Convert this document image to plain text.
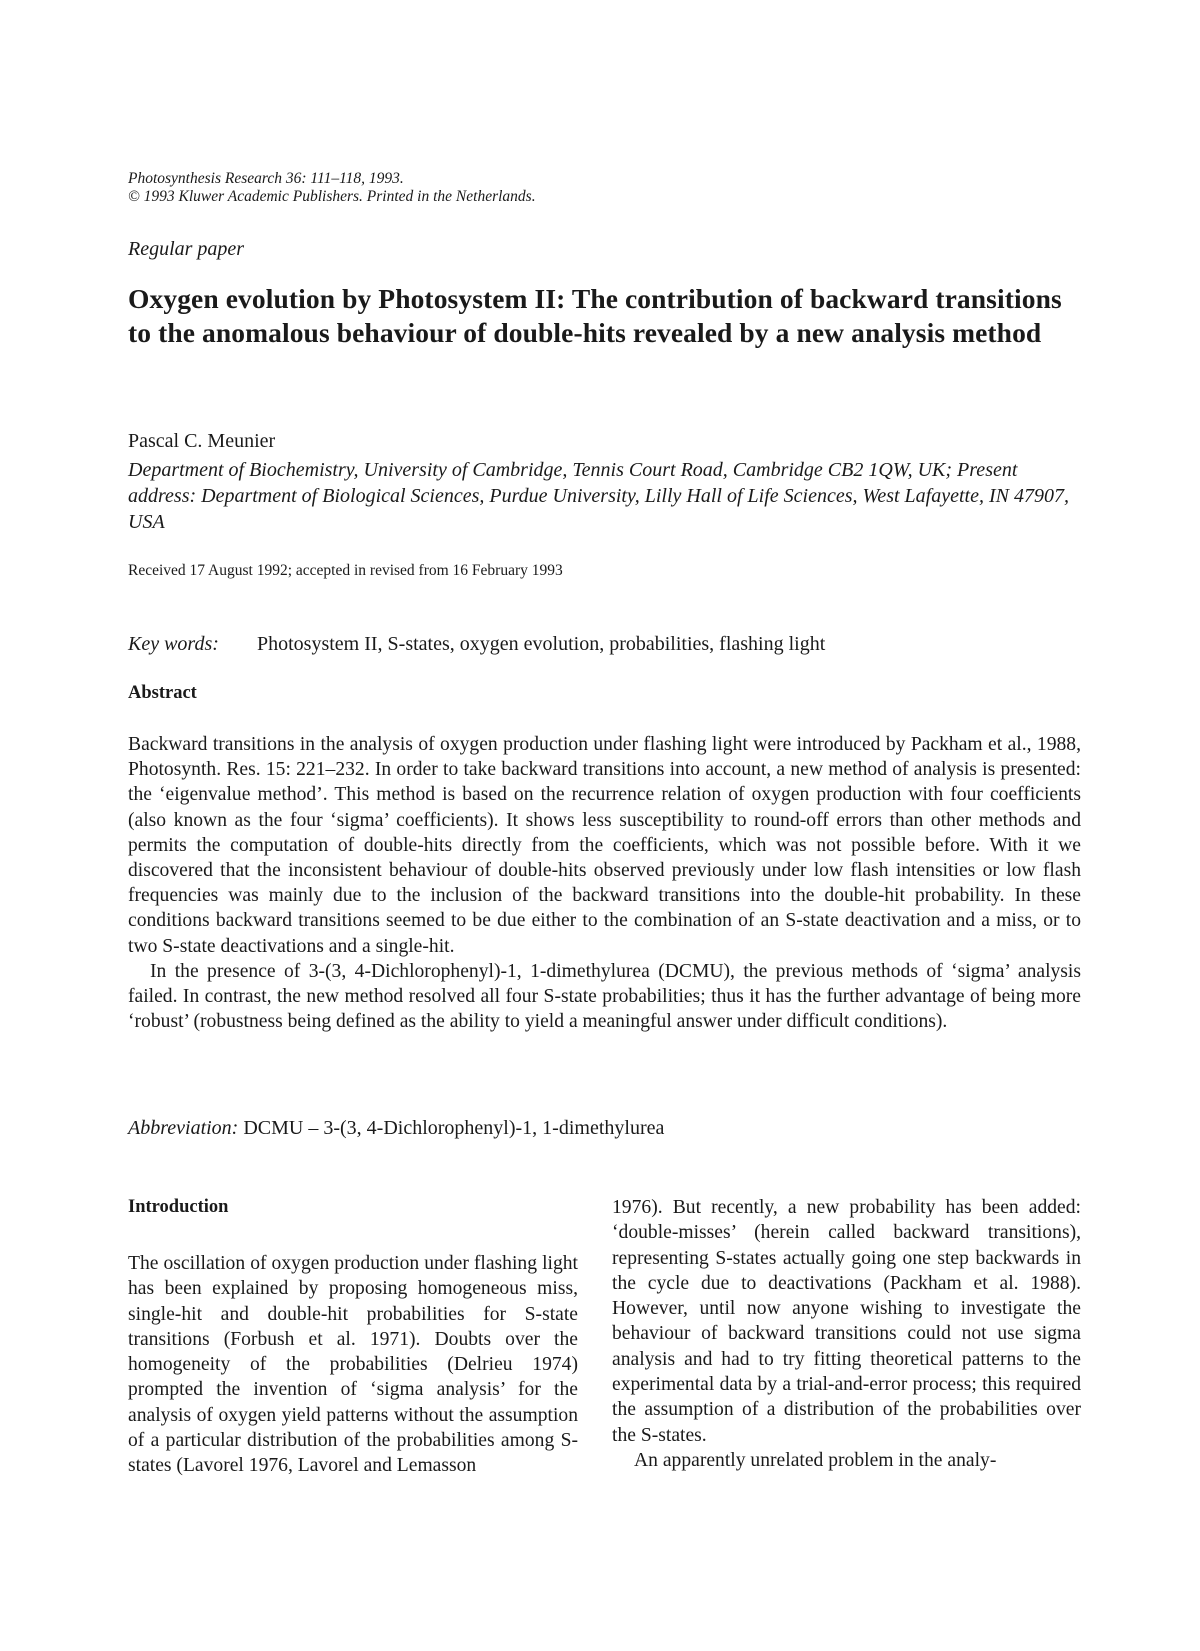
Photosynthesis Research 36: 111–118, 1993.
© 1993 Kluwer Academic Publishers. Printed in the Netherlands.
Regular paper
Oxygen evolution by Photosystem II: The contribution of backward transitions to the anomalous behaviour of double-hits revealed by a new analysis method
Pascal C. Meunier
Department of Biochemistry, University of Cambridge, Tennis Court Road, Cambridge CB2 1QW, UK; Present address: Department of Biological Sciences, Purdue University, Lilly Hall of Life Sciences, West Lafayette, IN 47907, USA
Received 17 August 1992; accepted in revised from 16 February 1993
Key words: Photosystem II, S-states, oxygen evolution, probabilities, flashing light
Abstract

Backward transitions in the analysis of oxygen production under flashing light were introduced by Packham et al., 1988, Photosynth. Res. 15: 221–232. In order to take backward transitions into account, a new method of analysis is presented: the ‘eigenvalue method’. This method is based on the recurrence relation of oxygen production with four coefficients (also known as the four ‘sigma’ coefficients). It shows less susceptibility to round-off errors than other methods and permits the computation of double-hits directly from the coefficients, which was not possible before. With it we discovered that the inconsistent behaviour of double-hits observed previously under low flash intensities or low flash frequencies was mainly due to the inclusion of the backward transitions into the double-hit probability. In these conditions backward transitions seemed to be due either to the combination of an S-state deactivation and a miss, or to two S-state deactivations and a single-hit.

In the presence of 3-(3, 4-Dichlorophenyl)-1, 1-dimethylurea (DCMU), the previous methods of ‘sigma’ analysis failed. In contrast, the new method resolved all four S-state probabilities; thus it has the further advantage of being more ‘robust’ (robustness being defined as the ability to yield a meaningful answer under difficult conditions).

Abbreviation: DCMU – 3-(3, 4-Dichlorophenyl)-1, 1-dimethylurea
Introduction

The oscillation of oxygen production under flashing light has been explained by proposing homogeneous miss, single-hit and double-hit probabilities for S-state transitions (Forbush et al. 1971). Doubts over the homogeneity of the probabilities (Delrieu 1974) prompted the invention of ‘sigma analysis’ for the analysis of oxygen yield patterns without the assumption of a particular distribution of the probabilities among S-states (Lavorel 1976, Lavorel and Lemasson

1976). But recently, a new probability has been added: ‘double-misses’ (herein called backward transitions), representing S-states actually going one step backwards in the cycle due to deactivations (Packham et al. 1988). However, until now anyone wishing to investigate the behaviour of backward transitions could not use sigma analysis and had to try fitting theoretical patterns to the experimental data by a trial-and-error process; this required the assumption of a distribution of the probabilities over the S-states.

An apparently unrelated problem in the analy-
